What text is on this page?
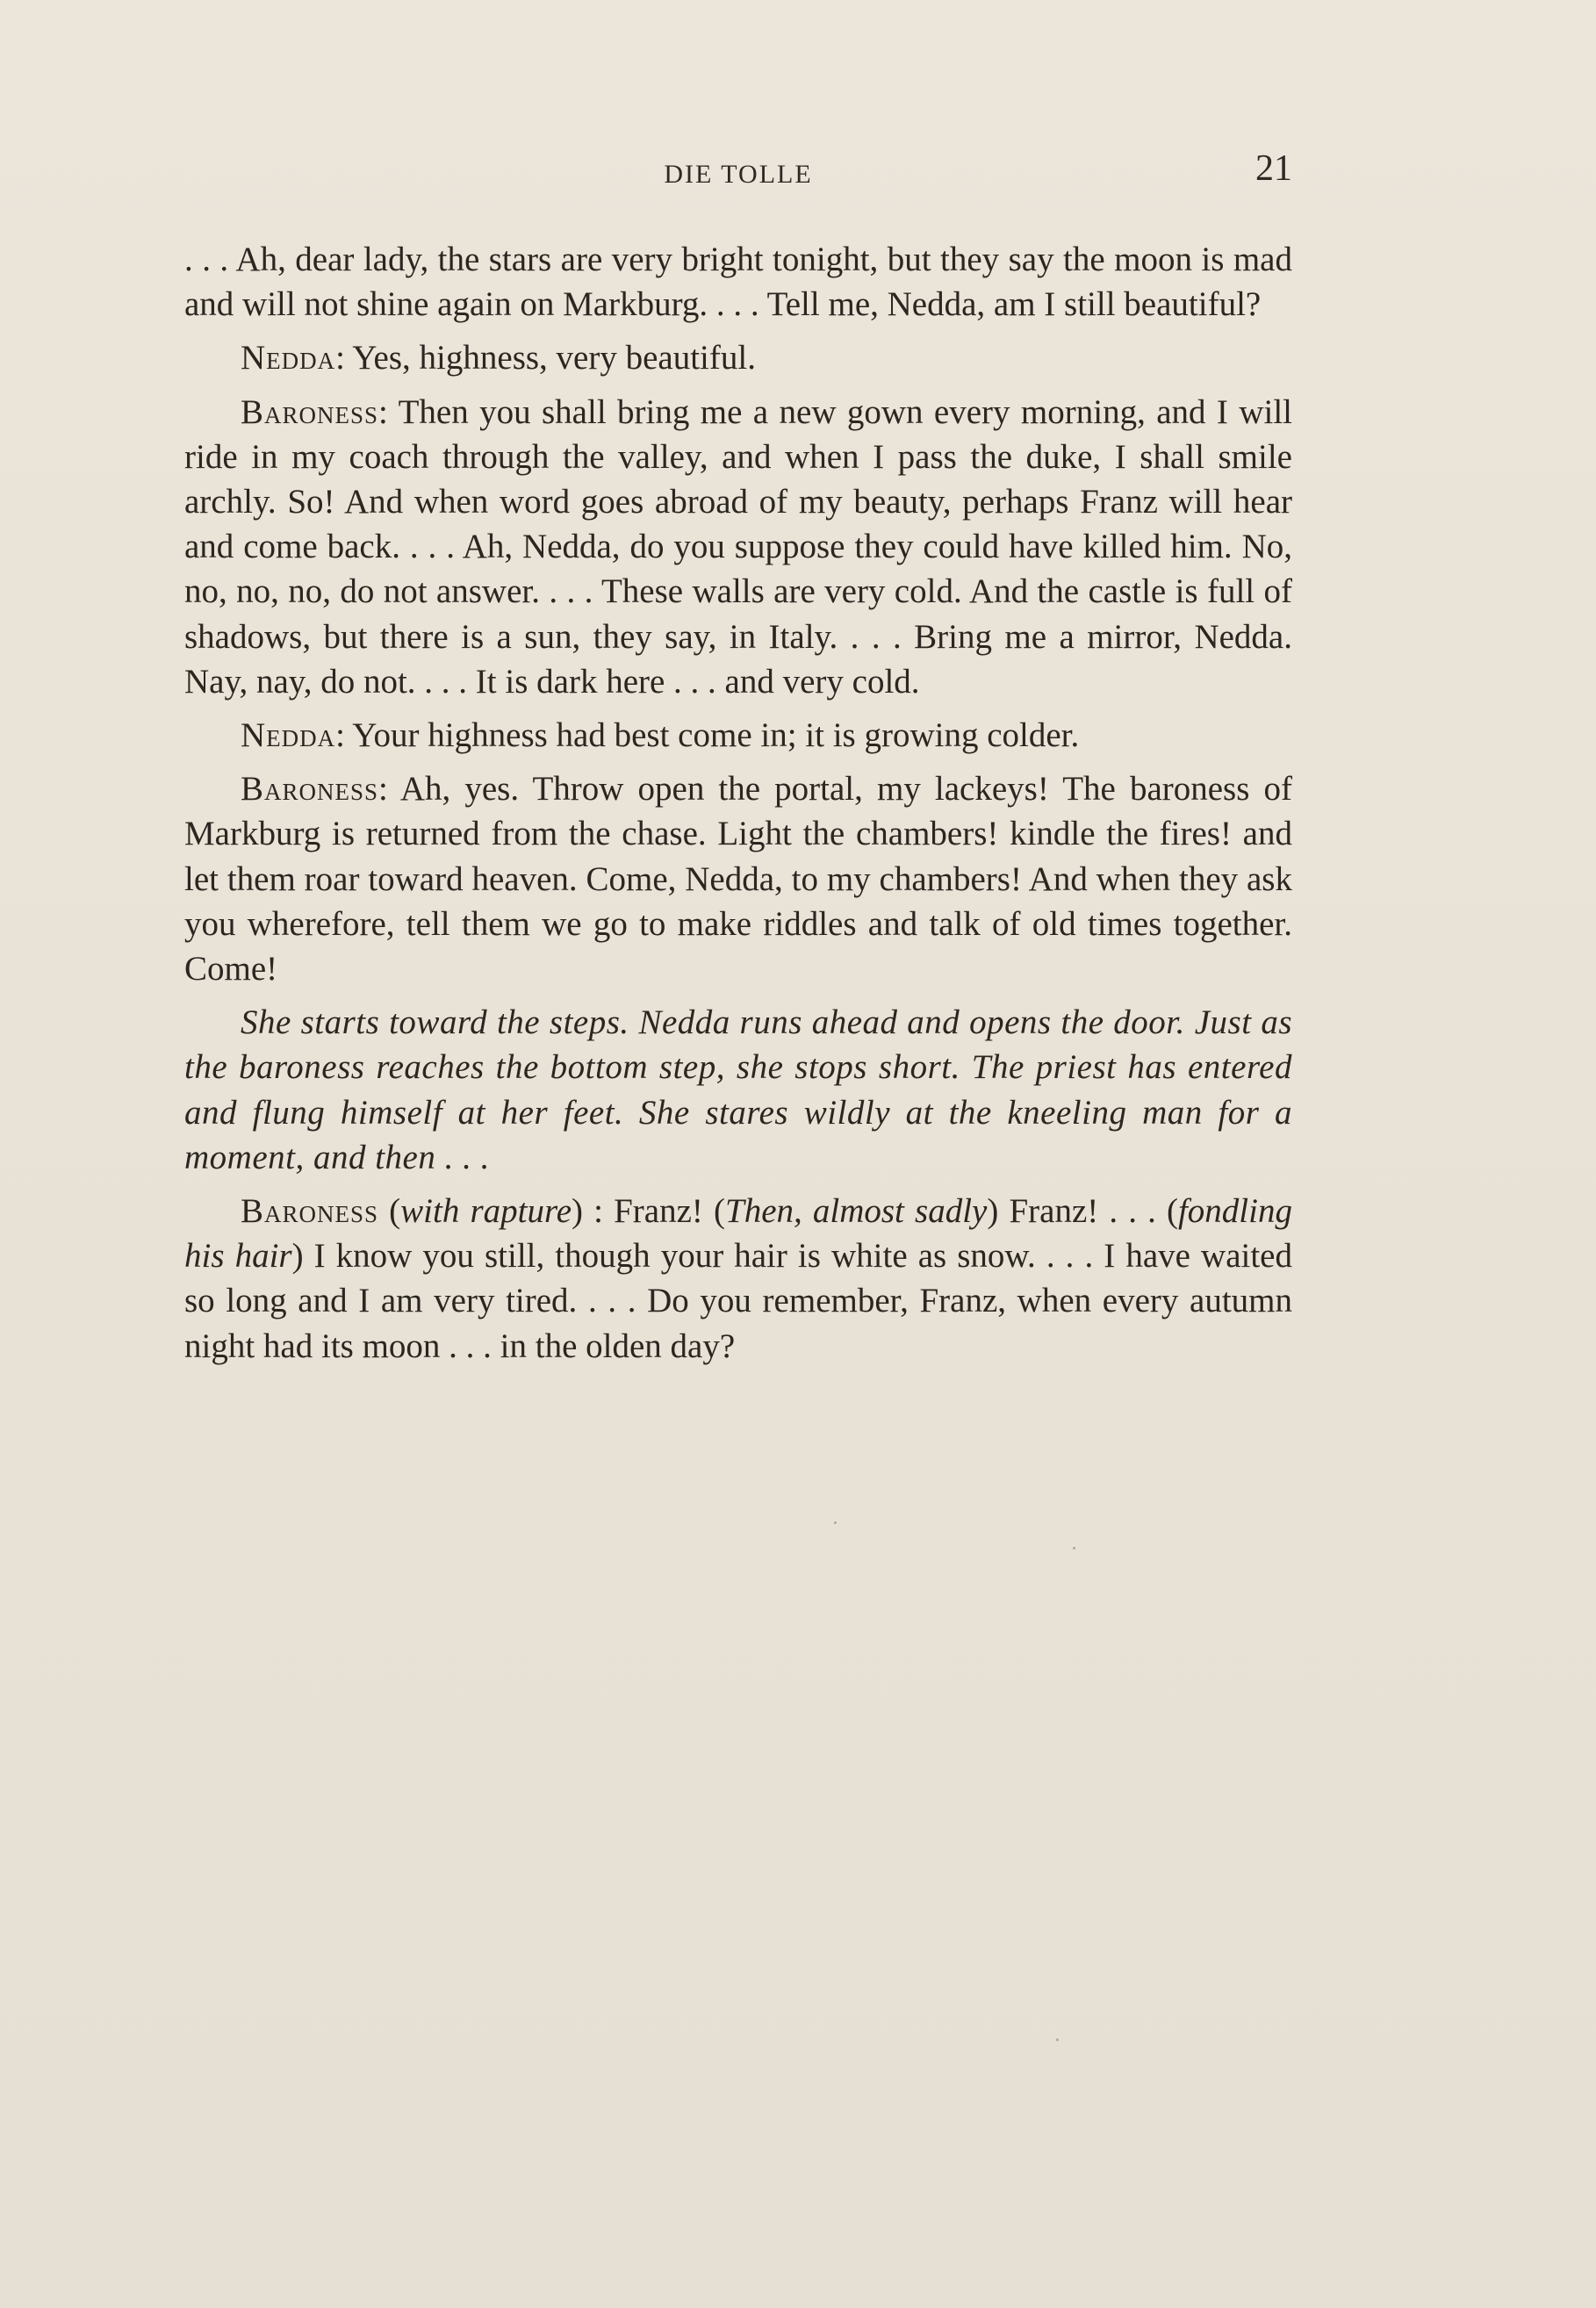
DIE TOLLE	21

. . . Ah, dear lady, the stars are very bright tonight, but they say the moon is mad and will not shine again on Markburg. . . . Tell me, Nedda, am I still beautiful?

Nedda: Yes, highness, very beautiful.

Baroness: Then you shall bring me a new gown every morning, and I will ride in my coach through the valley, and when I pass the duke, I shall smile archly. So! And when word goes abroad of my beauty, perhaps Franz will hear and come back. . . . Ah, Nedda, do you suppose they could have killed him. No, no, no, no, do not answer. . . . These walls are very cold. And the castle is full of shadows, but there is a sun, they say, in Italy. . . . Bring me a mirror, Nedda. Nay, nay, do not. . . . It is dark here . . . and very cold.

Nedda: Your highness had best come in; it is growing colder.

Baroness: Ah, yes. Throw open the portal, my lackeys! The baroness of Markburg is returned from the chase. Light the chambers! kindle the fires! and let them roar toward heaven. Come, Nedda, to my chambers! And when they ask you wherefore, tell them we go to make riddles and talk of old times together. Come!

She starts toward the steps. Nedda runs ahead and opens the door. Just as the baroness reaches the bottom step, she stops short. The priest has entered and flung himself at her feet. She stares wildly at the kneeling man for a moment, and then . . .

Baroness (with rapture) : Franz! (Then, almost sadly) Franz! . . . (fondling his hair) I know you still, though your hair is white as snow. . . . I have waited so long and I am very tired. . . . Do you remember, Franz, when every autumn night had its moon . . . in the olden day?
